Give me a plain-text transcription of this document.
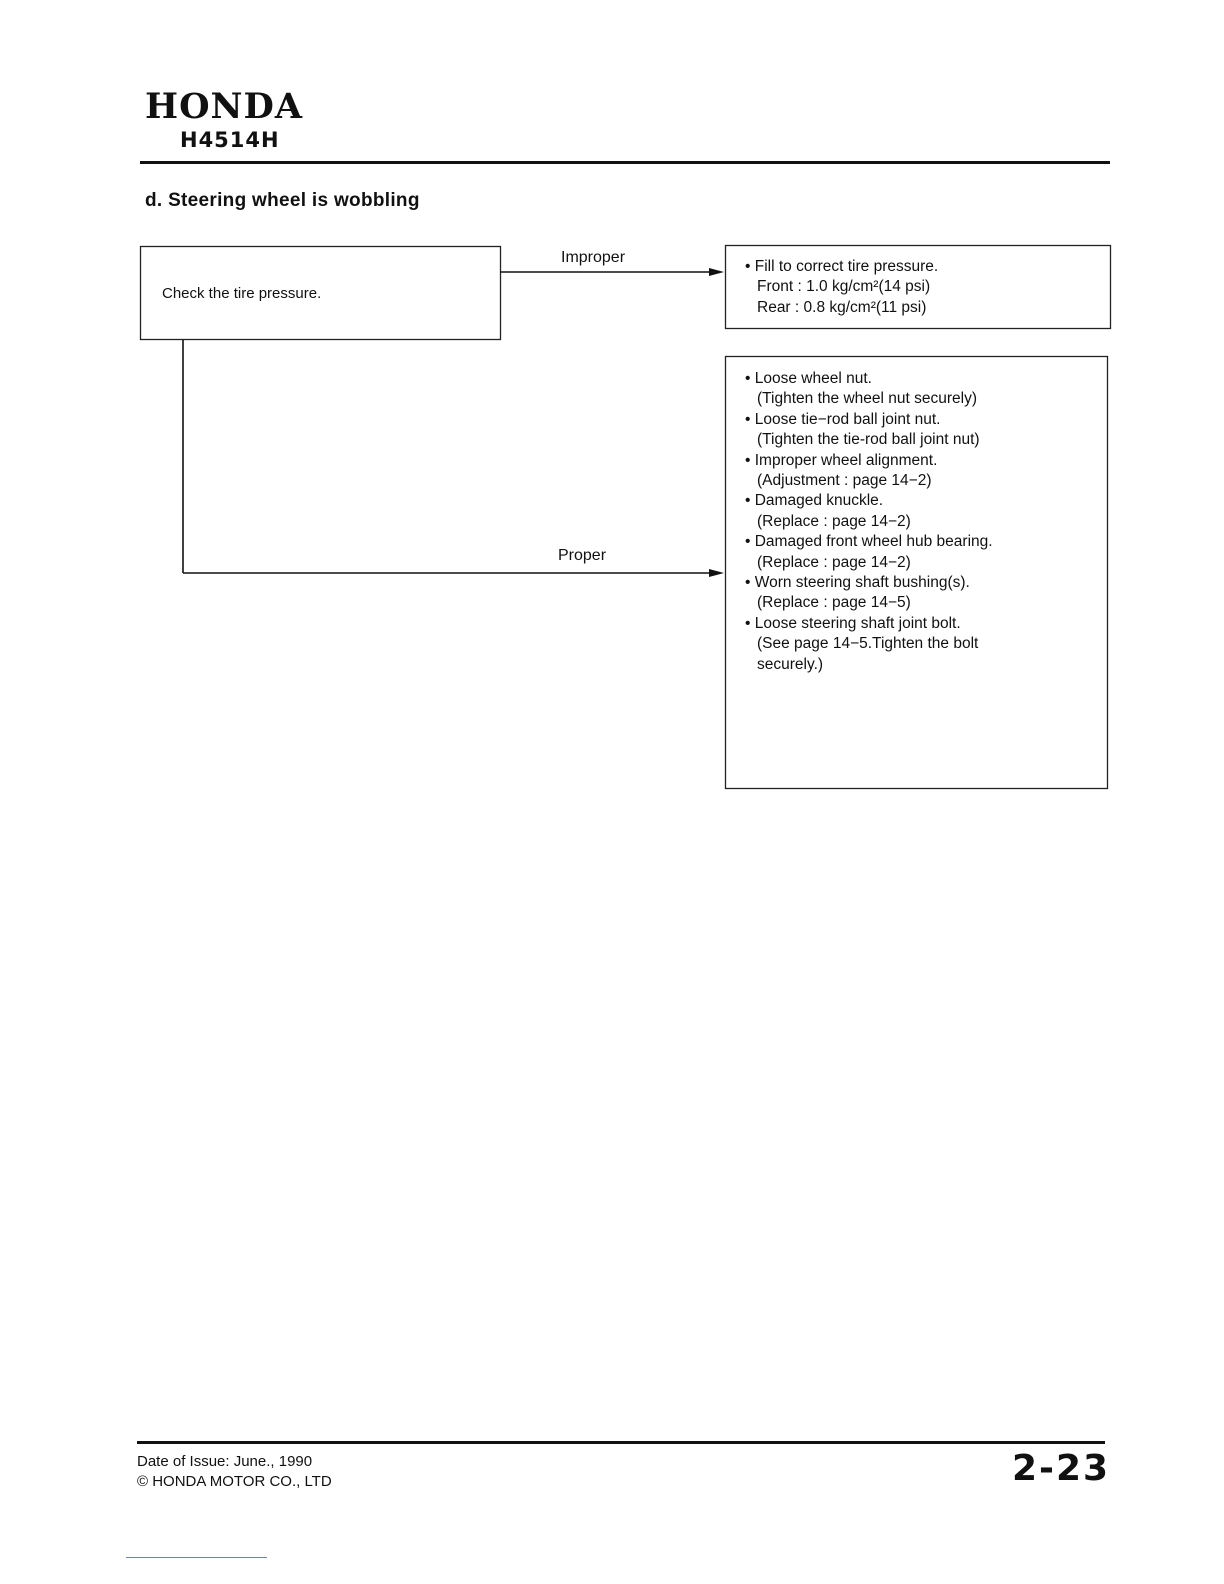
HONDA
H4514H
d. Steering wheel is wobbling
Check the tire pressure.
Improper
Proper
• Fill to correct tire pressure.
Front : 1.0 kg/cm²(14 psi)
Rear : 0.8 kg/cm²(11 psi)
• Loose wheel nut.
(Tighten the wheel nut securely)
• Loose tie−rod ball joint nut.
(Tighten the tie-rod ball joint nut)
• Improper wheel alignment.
(Adjustment : page 14−2)
• Damaged knuckle.
(Replace : page 14−2)
• Damaged front wheel hub bearing.
(Replace : page 14−2)
• Worn steering shaft bushing(s).
(Replace : page 14−5)
• Loose steering shaft joint bolt.
(See page 14−5.Tighten the bolt
securely.)
Date of Issue: June., 1990
© HONDA MOTOR CO., LTD	2-23
